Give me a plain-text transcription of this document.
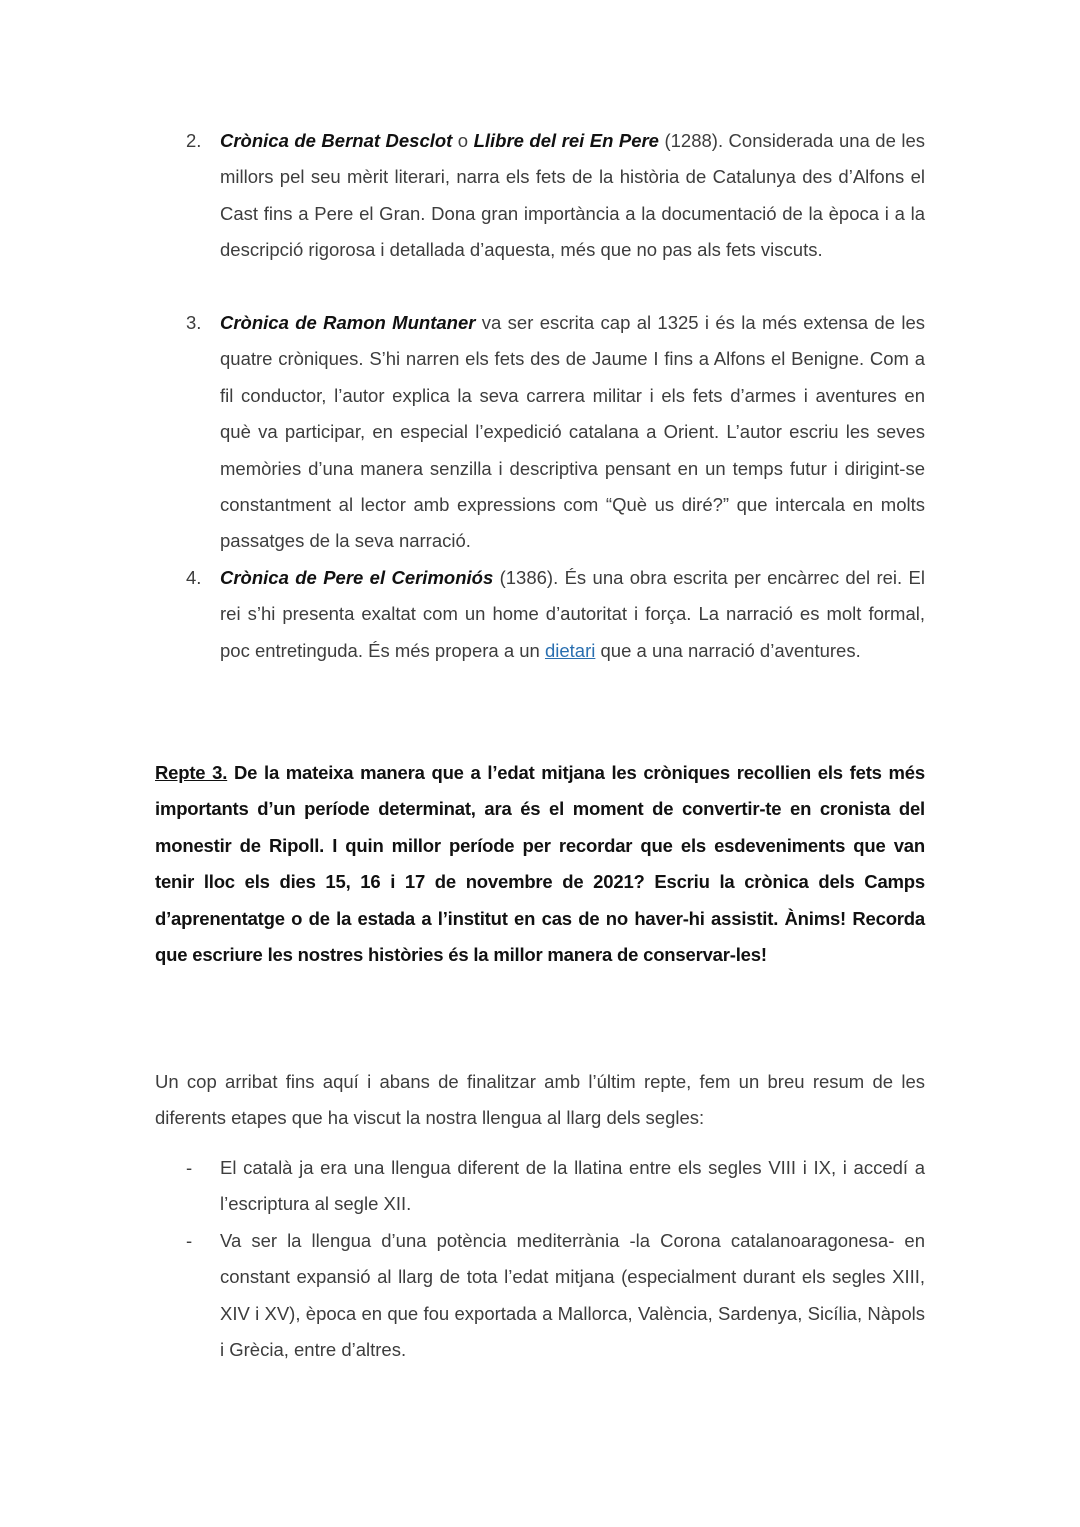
2. Crònica de Bernat Desclot o Llibre del rei En Pere (1288). Considerada una de les millors pel seu mèrit literari, narra els fets de la història de Catalunya des d’Alfons el Cast fins a Pere el Gran. Dona gran importància a la documentació de la època i a la descripció rigorosa i detallada d’aquesta, més que no pas als fets viscuts.
3. Crònica de Ramon Muntaner va ser escrita cap al 1325 i és la més extensa de les quatre cròniques. S’hi narren els fets des de Jaume I fins a Alfons el Benigne. Com a fil conductor, l’autor explica la seva carrera militar i els fets d’armes i aventures en què va participar, en especial l’expedició catalana a Orient. L’autor escriu les seves memòries d’una manera senzilla i descriptiva pensant en un temps futur i dirigint-se constantment al lector amb expressions com “Què us diré?” que intercala en molts passatges de la seva narració.
4. Crònica de Pere el Cerimoniós (1386). És una obra escrita per encàrrec del rei. El rei s’hi presenta exaltat com un home d’autoritat i força. La narració es molt formal, poc entretinguda. És més propera a un dietari que a una narració d’aventures.
Repte 3. De la mateixa manera que a l’edat mitjana les cròniques recollien els fets més importants d’un període determinat, ara és el moment de convertir-te en cronista del monestir de Ripoll. I quin millor període per recordar que els esdeveniments que van tenir lloc els dies 15, 16 i 17 de novembre de 2021? Escriu la crònica dels Camps d’aprenentatge o de la estada a l’institut en cas de no haver-hi assistit. Ànims! Recorda que escriure les nostres històries és la millor manera de conservar-les!
Un cop arribat fins aquí i abans de finalitzar amb l’últim repte, fem un breu resum de les diferents etapes que ha viscut la nostra llengua al llarg dels segles:
- El català ja era una llengua diferent de la llatina entre els segles VIII i IX, i accedí a l’escriptura al segle XII.
- Va ser la llengua d’una potència mediterrània -la Corona catalanoaragonesa- en constant expansió al llarg de tota l’edat mitjana (especialment durant els segles XIII, XIV i XV), època en que fou exportada a Mallorca, València, Sardenya, Sicília, Nàpols i Grècia, entre d’altres.
